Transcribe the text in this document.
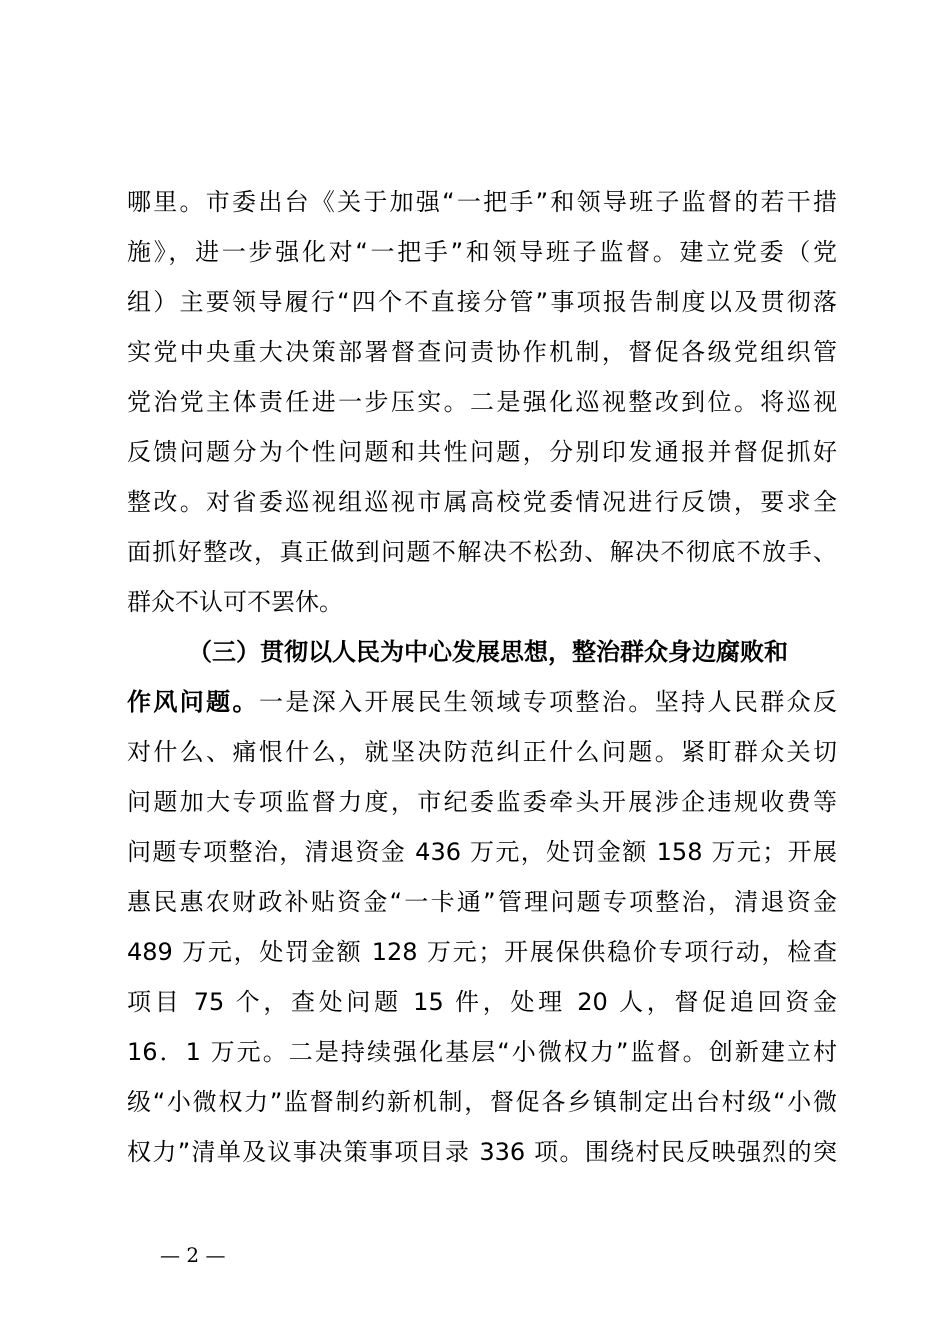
哪里。市委出台《关于加强“一把手”和领导班子监督的若干措
施》，进一步强化对“一把手”和领导班子监督。建立党委（党
组）主要领导履行“四个不直接分管”事项报告制度以及贯彻落
实党中央重大决策部署督查问责协作机制，督促各级党组织管
党治党主体责任进一步压实。二是强化巡视整改到位。将巡视
反馈问题分为个性问题和共性问题，分别印发通报并督促抓好
整改。对省委巡视组巡视市属高校党委情况进行反馈，要求全
面抓好整改，真正做到问题不解决不松劲、解决不彻底不放手、
群众不认可不罢休。
（三）贯彻以人民为中心发展思想，整治群众身边腐败和
作风问题。一是深入开展民生领域专项整治。坚持人民群众反
对什么、痛恨什么，就坚决防范纠正什么问题。紧盯群众关切
问题加大专项监督力度，市纪委监委牵头开展涉企违规收费等
问题专项整治，清退资金 436 万元，处罚金额 158 万元；开展
惠民惠农财政补贴资金“一卡通”管理问题专项整治，清退资金
489 万元，处罚金额 128 万元；开展保供稳价专项行动，检查
项目 75 个，查处问题 15 件，处理 20 人，督促追回资金
16．1 万元。二是持续强化基层“小微权力”监督。创新建立村
级“小微权力”监督制约新机制，督促各乡镇制定出台村级“小微
权力”清单及议事决策事项目录 336 项。围绕村民反映强烈的突
— 2 —
